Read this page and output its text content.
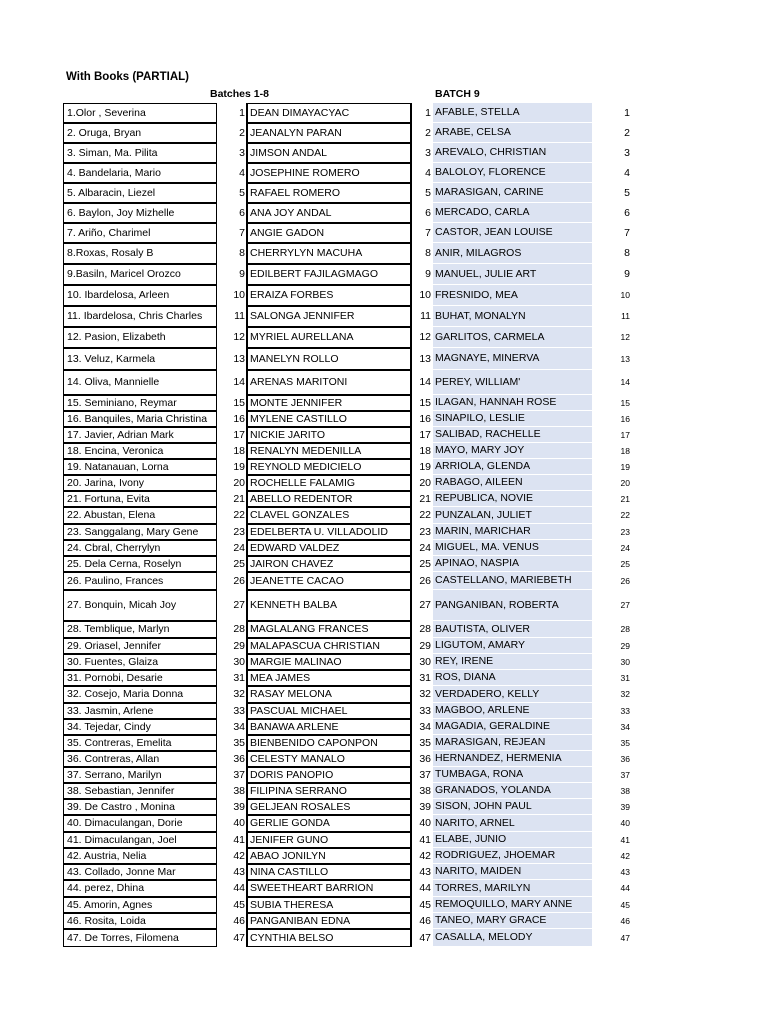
With Books (PARTIAL)
Batches 1-8	BATCH 9
1.Olor , Severina	1 DEAN DIMAYACYAC	1 AFABLE, STELLA	1
2. Oruga, Bryan	2 JEANALYN PARAN	2 ARABE, CELSA	2
3. Siman, Ma. Pilita	3 JIMSON ANDAL	3 AREVALO, CHRISTIAN	3
4. Bandelaria, Mario	4 JOSEPHINE ROMERO	4 BALOLOY, FLORENCE	4
5. Albaracin, Liezel	5 RAFAEL ROMERO	5 MARASIGAN, CARINE	5
6. Baylon, Joy Mizhelle	6 ANA JOY ANDAL	6 MERCADO, CARLA	6
7. Ariño, Charimel	7 ANGIE GADON	7 CASTOR, JEAN LOUISE	7
8.Roxas, Rosaly B	8 CHERRYLYN MACUHA	8 ANIR, MILAGROS	8
9.Basiln, Maricel Orozco	9 EDILBERT FAJILAGMAGO	9 MANUEL, JULIE ART	9
10. Ibardelosa, Arleen	10 ERAIZA FORBES	10 FRESNIDO, MEA	10
11. Ibardelosa, Chris Charles	11 SALONGA JENNIFER	11 BUHAT, MONALYN	11
12. Pasion, Elizabeth	12 MYRIEL AURELLANA	12 GARLITOS, CARMELA	12
13. Veluz, Karmela	13 MANELYN ROLLO	13 MAGNAYE, MINERVA	13
14. Oliva, Mannielle	14 ARENAS MARITONI	14 PEREY, WILLIAM'	14
15. Seminiano, Reymar	15 MONTE JENNIFER	15 ILAGAN, HANNAH ROSE	15
16. Banquiles, Maria Christina	16 MYLENE CASTILLO	16 SINAPILO, LESLIE	16
17. Javier, Adrian Mark	17 NICKIE JARITO	17 SALIBAD, RACHELLE	17
18. Encina, Veronica	18 RENALYN MEDENILLA	18 MAYO, MARY JOY	18
19. Natanauan, Lorna	19 REYNOLD MEDICIELO	19 ARRIOLA, GLENDA	19
20. Jarina, Ivony	20 ROCHELLE FALAMIG	20 RABAGO, AILEEN	20
21. Fortuna, Evita	21 ABELLO REDENTOR	21 REPUBLICA, NOVIE	21
22. Abustan, Elena	22 CLAVEL GONZALES	22 PUNZALAN, JULIET	22
23. Sanggalang, Mary Gene	23 EDELBERTA U. VILLADOLID	23 MARIN, MARICHAR	23
24. Cbral, Cherrylyn	24 EDWARD VALDEZ	24 MIGUEL, MA. VENUS	24
25. Dela Cerna, Roselyn	25 JAIRON CHAVEZ	25 APINAO, NASPIA	25
26. Paulino, Frances	26 JEANETTE CACAO	26 CASTELLANO, MARIEBETH	26
27. Bonquin, Micah Joy	27 KENNETH BALBA	27 PANGANIBAN, ROBERTA	27
28. Temblique, Marlyn	28 MAGLALANG FRANCES	28 BAUTISTA, OLIVER	28
29. Oriasel, Jennifer	29 MALAPASCUA CHRISTIAN	29 LIGUTOM, AMARY	29
30. Fuentes, Glaiza	30 MARGIE MALINAO	30 REY, IRENE	30
31. Pornobi, Desarie	31 MEA JAMES	31 ROS, DIANA	31
32. Cosejo, Maria Donna	32 RASAY MELONA	32 VERDADERO, KELLY	32
33. Jasmin, Arlene	33 PASCUAL MICHAEL	33 MAGBOO, ARLENE	33
34. Tejedar, Cindy	34 BANAWA ARLENE	34 MAGADIA, GERALDINE	34
35. Contreras, Emelita	35 BIENBENIDO CAPONPON	35 MARASIGAN, REJEAN	35
36. Contreras, Allan	36 CELESTY MANALO	36 HERNANDEZ, HERMENIA	36
37. Serrano, Marilyn	37 DORIS PANOPIO	37 TUMBAGA, RONA	37
38. Sebastian, Jennifer	38 FILIPINA SERRANO	38 GRANADOS, YOLANDA	38
39. De Castro , Monina	39 GELJEAN ROSALES	39 SISON, JOHN PAUL	39
40. Dimaculangan, Dorie	40 GERLIE GONDA	40 NARITO, ARNEL	40
41. Dimaculangan, Joel	41 JENIFER GUNO	41 ELABE, JUNIO	41
42. Austria, Nelia	42 ABAO JONILYN	42 RODRIGUEZ, JHOEMAR	42
43. Collado, Jonne Mar	43 NINA CASTILLO	43 NARITO, MAIDEN	43
44. perez, Dhina	44 SWEETHEART BARRION	44 TORRES, MARILYN	44
45. Amorin, Agnes	45 SUBIA THERESA	45 REMOQUILLO, MARY ANNE	45
46. Rosita, Loida	46 PANGANIBAN EDNA	46 TANEO, MARY GRACE	46
47. De Torres, Filomena	47 CYNTHIA BELSO	47 CASALLA, MELODY	47
